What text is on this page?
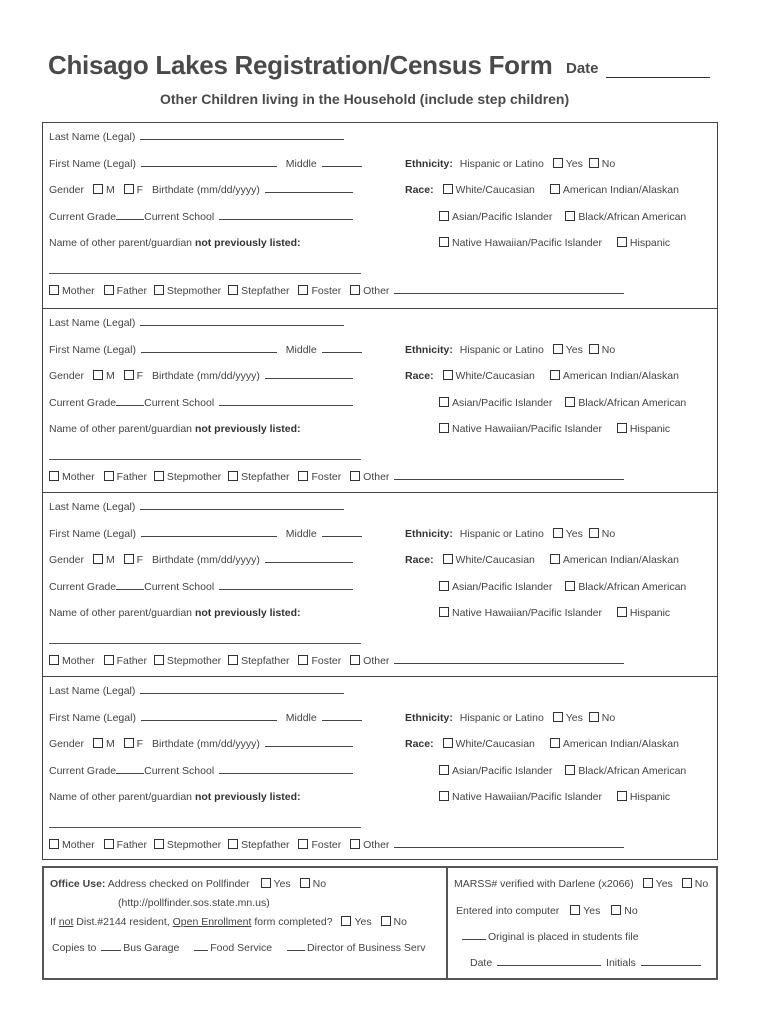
Chisago Lakes Registration/Census Form Date
Other Children living in the Household (include step children)
Last Name (Legal)
First Name (Legal)	Middle
Gender M F Birthdate (mm/dd/yyyy)
Current Grade	Current School
Name of other parent/guardian not previously listed:
Mother Father Stepmother Stepfather Foster Other
Ethnicity: Hispanic or Latino Yes No
Race: White/Caucasian	American Indian/Alaskan
Asian/Pacific Islander Black/African American
Native Hawaiian/Pacific Islander	Hispanic
Last Name (Legal)
First Name (Legal)	Middle
Gender M F Birthdate (mm/dd/yyyy)
Current Grade	Current School
Name of other parent/guardian not previously listed:
Mother Father Stepmother Stepfather Foster Other
Ethnicity: Hispanic or Latino Yes No
Race: White/Caucasian	American Indian/Alaskan
Asian/Pacific Islander Black/African American
Native Hawaiian/Pacific Islander	Hispanic
Last Name (Legal)
First Name (Legal)	Middle
Gender M F Birthdate (mm/dd/yyyy)
Current Grade	Current School
Name of other parent/guardian not previously listed:
Mother Father Stepmother Stepfather Foster Other
Ethnicity: Hispanic or Latino Yes No
Race: White/Caucasian	American Indian/Alaskan
Asian/Pacific Islander Black/African American
Native Hawaiian/Pacific Islander	Hispanic
Last Name (Legal)
First Name (Legal)	Middle
Gender M F Birthdate (mm/dd/yyyy)
Current Grade	Current School
Name of other parent/guardian not previously listed:
Mother Father Stepmother Stepfather Foster Other
Ethnicity: Hispanic or Latino Yes No
Race: White/Caucasian	American Indian/Alaskan
Asian/Pacific Islander Black/African American
Native Hawaiian/Pacific Islander	Hispanic
Office Use: Address checked on Pollfinder Yes No
(http://pollfinder.sos.state.mn.us)
If not Dist.#2144 resident, Open Enrollment form completed? Yes No
Copies to	Bus Garage	Food Service	Director of Business Serv
MARSS# verified with Darlene (x2066) Yes No
Entered into computer Yes No
Original is placed in students file
Date	Initials
